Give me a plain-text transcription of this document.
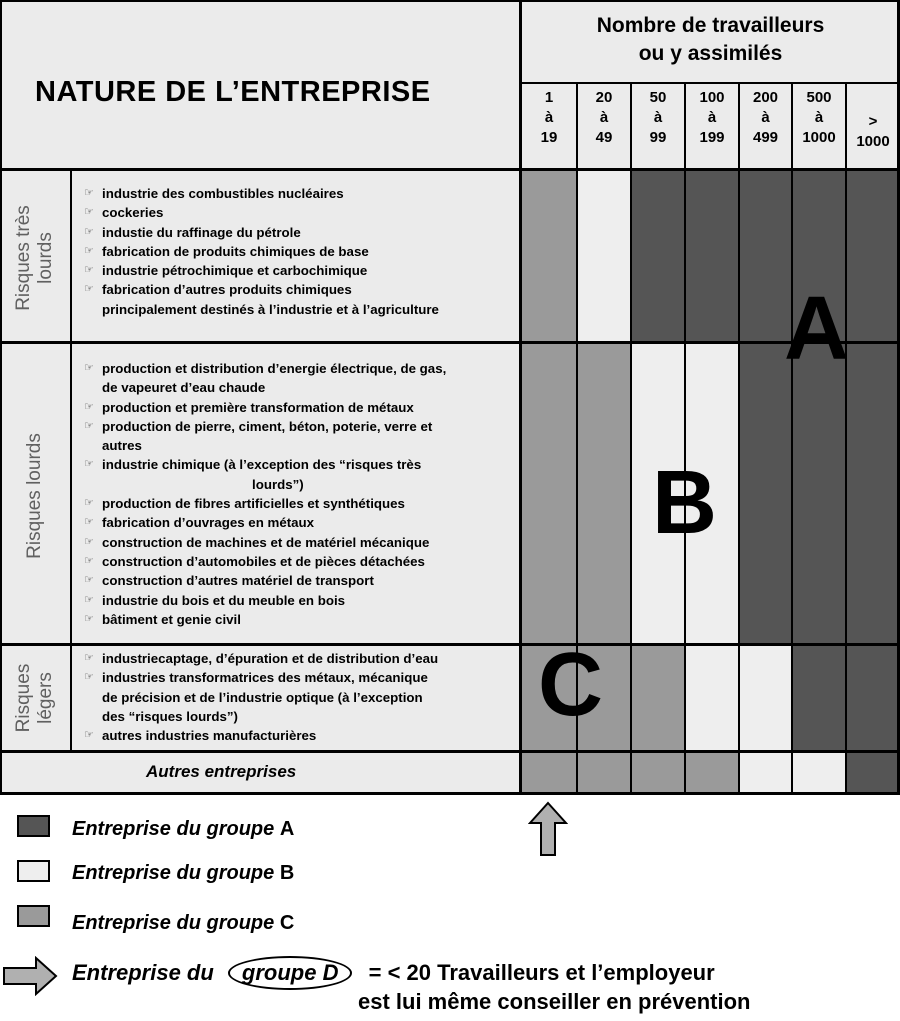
NATURE DE L’ENTREPRISE
Nombre de travailleurs
ou y assimilés
1
à
19
20
à
49
50
à
99
100
à
199
200
à
499
500
à
1000
>
1000
Risques très lourds
Risques lourds
Risques légers
☞ industrie des combustibles nucléaires
☞ cockeries
☞ industie du raffinage du pétrole
☞ fabrication de produits chimiques de base
☞ industrie pétrochimique et carbochimique
☞ fabrication d’autres produits chimiques
principalement destinés à l’industrie et à l’agriculture
☞ production et distribution d’energie électrique, de gas,
de vapeuret d’eau chaude
☞ production et première transformation de métaux
☞ production de pierre, ciment, béton, poterie, verre et
autres
☞ industrie chimique (à l’exception des “risques très
lourds”)
☞ production de fibres artificielles et synthétiques
☞ fabrication d’ouvrages en métaux
☞ construction de machines et de matériel mécanique
☞ construction d’automobiles et de pièces détachées
☞ construction d’autres matériel de transport
☞ industrie du bois et du meuble en bois
☞ bâtiment et genie civil
☞ industriecaptage, d’épuration et de distribution d’eau
☞ industries transformatrices des métaux, mécanique
de précision et de l’industrie optique (à l’exception
des “risques lourds”)
☞ autres industries manufacturières
Autres entreprises
A
B
C
Entreprise du groupe A
Entreprise du groupe B
Entreprise du groupe C
Entreprise du groupe D = < 20 Travailleurs et l’employeur
est lui même conseiller en prévention
